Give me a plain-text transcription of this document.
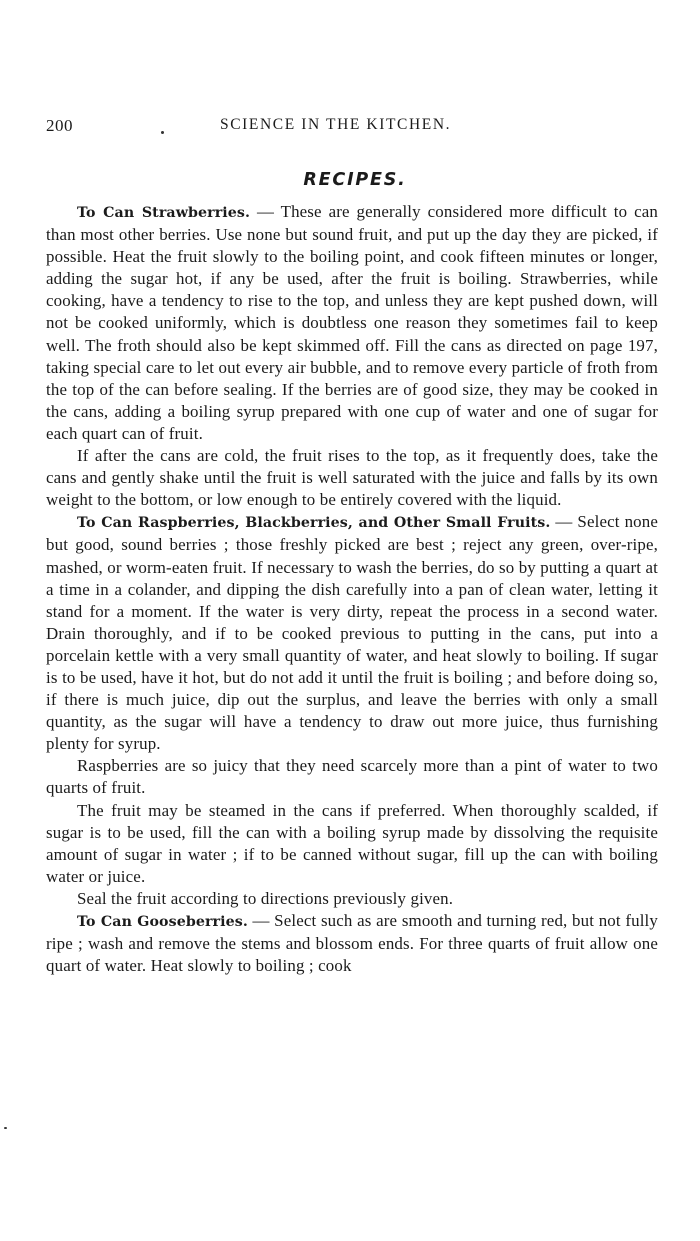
200	SCIENCE IN THE KITCHEN.
RECIPES.

To Can Strawberries. — These are generally considered more difficult to can than most other berries. Use none but sound fruit, and put up the day they are picked, if possible. Heat the fruit slowly to the boiling point, and cook fifteen minutes or longer, adding the sugar hot, if any be used, after the fruit is boiling. Strawberries, while cooking, have a tendency to rise to the top, and unless they are kept pushed down, will not be cooked uniformly, which is doubtless one reason they sometimes fail to keep well. The froth should also be kept skimmed off. Fill the cans as directed on page 197, taking special care to let out every air bubble, and to remove every particle of froth from the top of the can before sealing. If the berries are of good size, they may be cooked in the cans, adding a boiling syrup prepared with one cup of water and one of sugar for each quart can of fruit.

If after the cans are cold, the fruit rises to the top, as it frequently does, take the cans and gently shake until the fruit is well saturated with the juice and falls by its own weight to the bottom, or low enough to be entirely covered with the liquid.

To Can Raspberries, Blackberries, and Other Small Fruits. — Select none but good, sound berries ; those freshly picked are best ; reject any green, over-ripe, mashed, or worm-eaten fruit. If necessary to wash the berries, do so by putting a quart at a time in a colander, and dipping the dish carefully into a pan of clean water, letting it stand for a moment. If the water is very dirty, repeat the process in a second water. Drain thoroughly, and if to be cooked previous to putting in the cans, put into a porcelain kettle with a very small quantity of water, and heat slowly to boiling. If sugar is to be used, have it hot, but do not add it until the fruit is boiling ; and before doing so, if there is much juice, dip out the surplus, and leave the berries with only a small quantity, as the sugar will have a tendency to draw out more juice, thus furnishing plenty for syrup.

Raspberries are so juicy that they need scarcely more than a pint of water to two quarts of fruit.

The fruit may be steamed in the cans if preferred. When thoroughly scalded, if sugar is to be used, fill the can with a boiling syrup made by dissolving the requisite amount of sugar in water ; if to be canned without sugar, fill up the can with boiling water or juice.

Seal the fruit according to directions previously given.

To Can Gooseberries. — Select such as are smooth and turning red, but not fully ripe ; wash and remove the stems and blossom ends. For three quarts of fruit allow one quart of water. Heat slowly to boiling ; cook
